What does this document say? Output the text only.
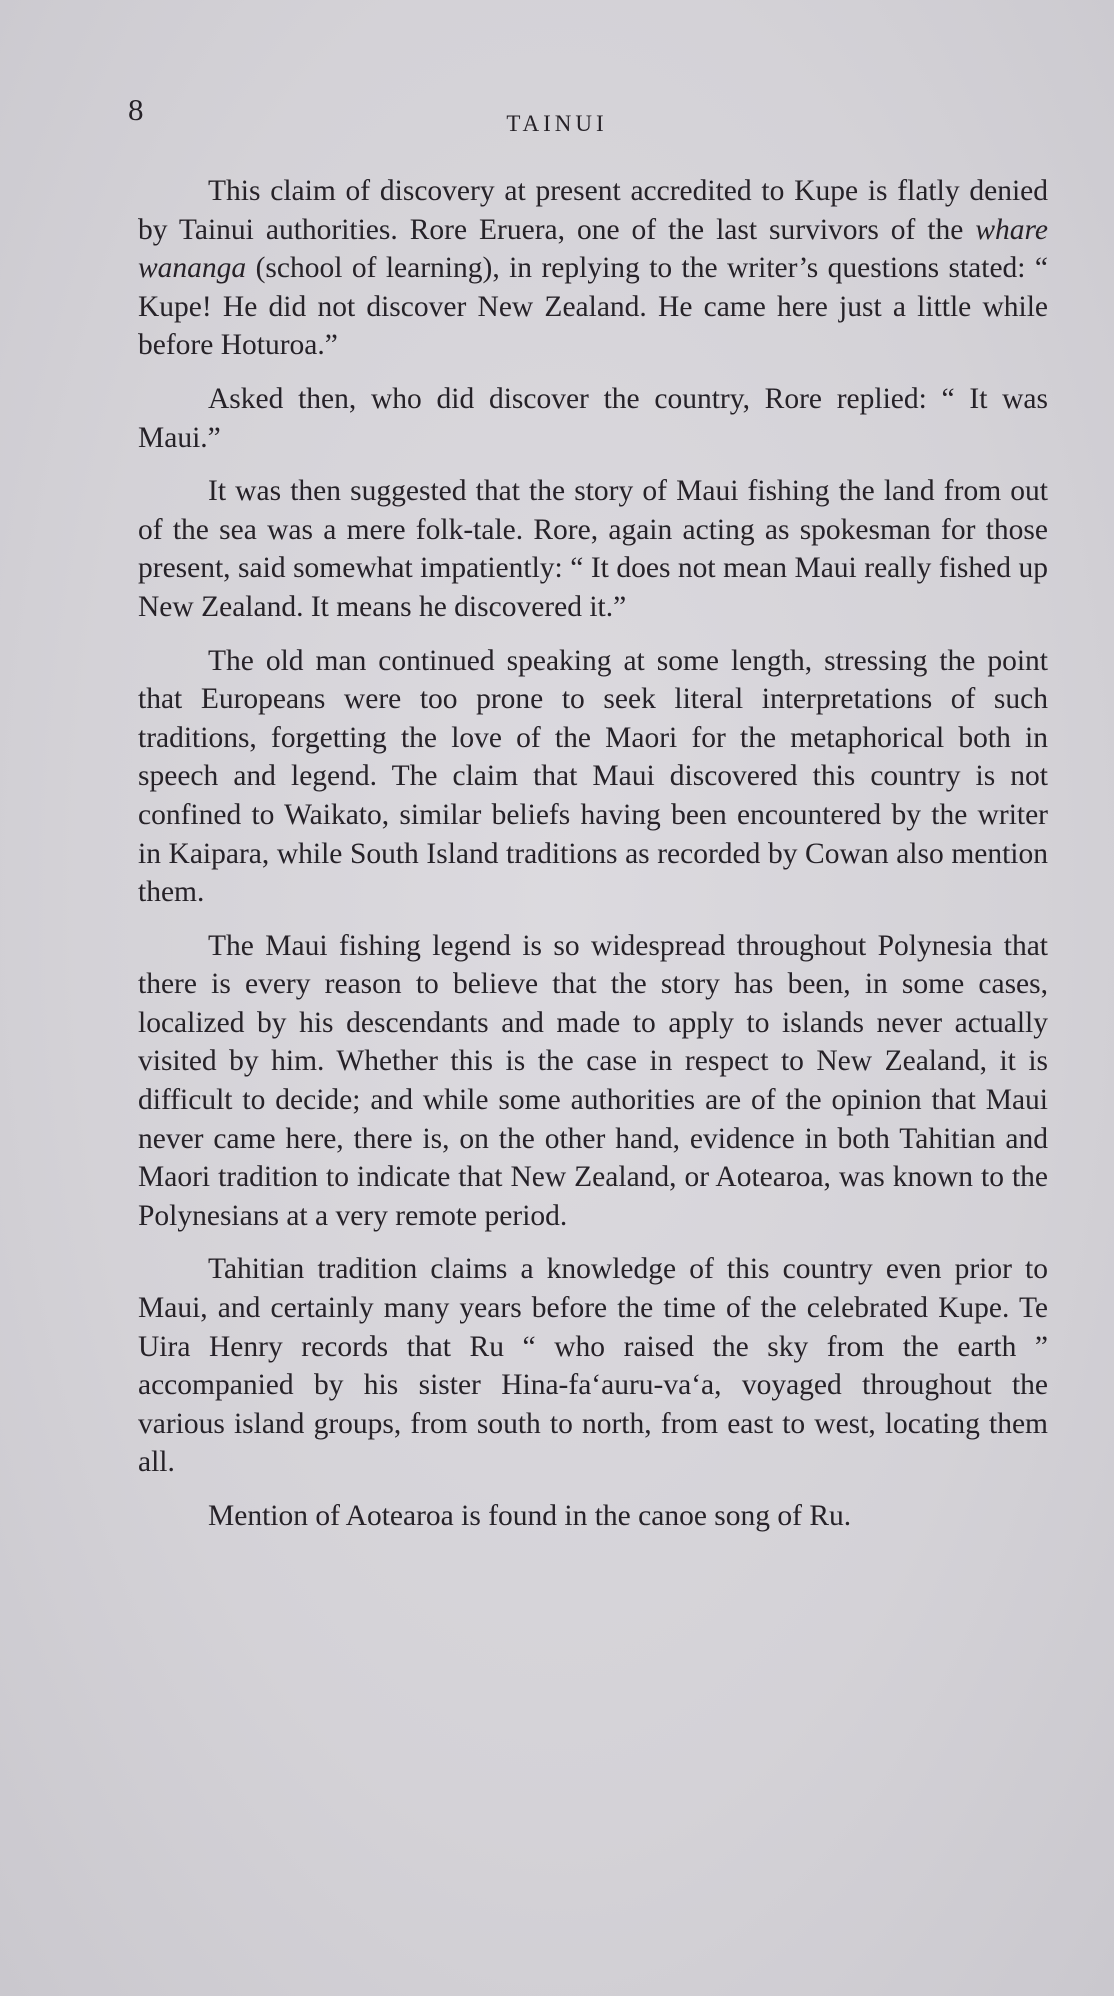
8	TAINUI

This claim of discovery at present accredited to Kupe is flatly denied by Tainui authorities. Rore Eruera, one of the last survivors of the whare wananga (school of learning), in replying to the writer’s questions stated: “ Kupe! He did not discover New Zealand. He came here just a little while before Hoturoa.”

Asked then, who did discover the country, Rore replied: “ It was Maui.”

It was then suggested that the story of Maui fishing the land from out of the sea was a mere folk-tale. Rore, again acting as spokesman for those present, said somewhat impatiently: “ It does not mean Maui really fished up New Zealand. It means he discovered it.”

The old man continued speaking at some length, stressing the point that Europeans were too prone to seek literal interpretations of such traditions, forgetting the love of the Maori for the metaphorical both in speech and legend. The claim that Maui discovered this country is not confined to Waikato, similar beliefs having been encountered by the writer in Kaipara, while South Island traditions as recorded by Cowan also mention them.

The Maui fishing legend is so widespread throughout Polynesia that there is every reason to believe that the story has been, in some cases, localized by his descendants and made to apply to islands never actually visited by him. Whether this is the case in respect to New Zealand, it is difficult to decide; and while some authorities are of the opinion that Maui never came here, there is, on the other hand, evidence in both Tahitian and Maori tradition to indicate that New Zealand, or Aotearoa, was known to the Polynesians at a very remote period.

Tahitian tradition claims a knowledge of this country even prior to Maui, and certainly many years before the time of the celebrated Kupe. Te Uira Henry records that Ru “ who raised the sky from the earth ” accompanied by his sister Hina-fa‘auru-va‘a, voyaged throughout the various island groups, from south to north, from east to west, locating them all.

Mention of Aotearoa is found in the canoe song of Ru.
